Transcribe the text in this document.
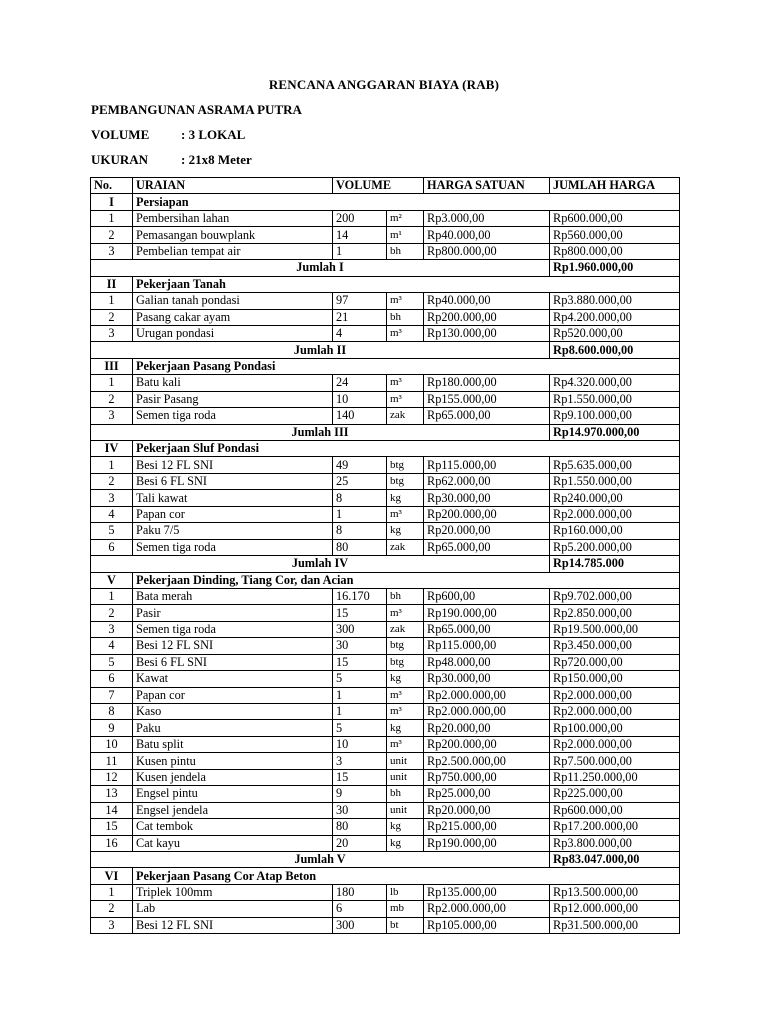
RENCANA ANGGARAN BIAYA (RAB)
PEMBANGUNAN ASRAMA PUTRA
VOLUME : 3 LOKAL
UKURAN	: 21x8 Meter
No.	URAIAN	VOLUME		HARGA SATUAN	JUMLAH HARGA
I	Persiapan				
1	Pembersihan lahan	200	m²	Rp3.000,00	Rp600.000,00
2	Pemasangan bouwplank	14	m¹	Rp40.000,00	Rp560.000,00
3	Pembelian tempat air	1	bh	Rp800.000,00	Rp800.000,00
Jumlah I					Rp1.960.000,00
II	Pekerjaan Tanah				
1	Galian tanah pondasi	97	m³	Rp40.000,00	Rp3.880.000,00
2	Pasang cakar ayam	21	bh	Rp200.000,00	Rp4.200.000,00
3	Urugan pondasi	4	m³	Rp130.000,00	Rp520.000,00
Jumlah II					Rp8.600.000,00
III	Pekerjaan Pasang Pondasi				
1	Batu kali	24	m³	Rp180.000,00	Rp4.320.000,00
2	Pasir Pasang	10	m³	Rp155.000,00	Rp1.550.000,00
3	Semen tiga roda	140	zak	Rp65.000,00	Rp9.100.000,00
Jumlah III					Rp14.970.000,00
IV	Pekerjaan Sluf Pondasi				
1	Besi 12 FL SNI	49	btg	Rp115.000,00	Rp5.635.000,00
2	Besi 6 FL SNI	25	btg	Rp62.000,00	Rp1.550.000,00
3	Tali kawat	8	kg	Rp30.000,00	Rp240.000,00
4	Papan cor	1	m³	Rp200.000,00	Rp2.000.000,00
5	Paku 7/5	8	kg	Rp20.000,00	Rp160.000,00
6	Semen tiga roda	80	zak	Rp65.000,00	Rp5.200.000,00
Jumlah IV					Rp14.785.000
V	Pekerjaan Dinding, Tiang Cor, dan Acian				
1	Bata merah	16.170	bh	Rp600,00	Rp9.702.000,00
2	Pasir	15	m³	Rp190.000,00	Rp2.850.000,00
3	Semen tiga roda	300	zak	Rp65.000,00	Rp19.500.000,00
4	Besi 12 FL SNI	30	btg	Rp115.000,00	Rp3.450.000,00
5	Besi 6 FL SNI	15	btg	Rp48.000,00	Rp720.000,00
6	Kawat	5	kg	Rp30.000,00	Rp150.000,00
7	Papan cor	1	m³	Rp2.000.000,00	Rp2.000.000,00
8	Kaso	1	m³	Rp2.000.000,00	Rp2.000.000,00
9	Paku	5	kg	Rp20.000,00	Rp100.000,00
10	Batu split	10	m³	Rp200.000,00	Rp2.000.000,00
11	Kusen pintu	3	unit	Rp2.500.000,00	Rp7.500.000,00
12	Kusen jendela	15	unit	Rp750.000,00	Rp11.250.000,00
13	Engsel pintu	9	bh	Rp25.000,00	Rp225.000,00
14	Engsel jendela	30	unit	Rp20.000,00	Rp600.000,00
15	Cat tembok	80	kg	Rp215.000,00	Rp17.200.000,00
16	Cat kayu	20	kg	Rp190.000,00	Rp3.800.000,00
Jumlah V					Rp83.047.000,00
VI	Pekerjaan Pasang Cor Atap Beton				
1	Triplek 100mm	180	lb	Rp135.000,00	Rp13.500.000,00
2	Lab	6	mb	Rp2.000.000,00	Rp12.000.000,00
3	Besi 12 FL SNI	300	bt	Rp105.000,00	Rp31.500.000,00
